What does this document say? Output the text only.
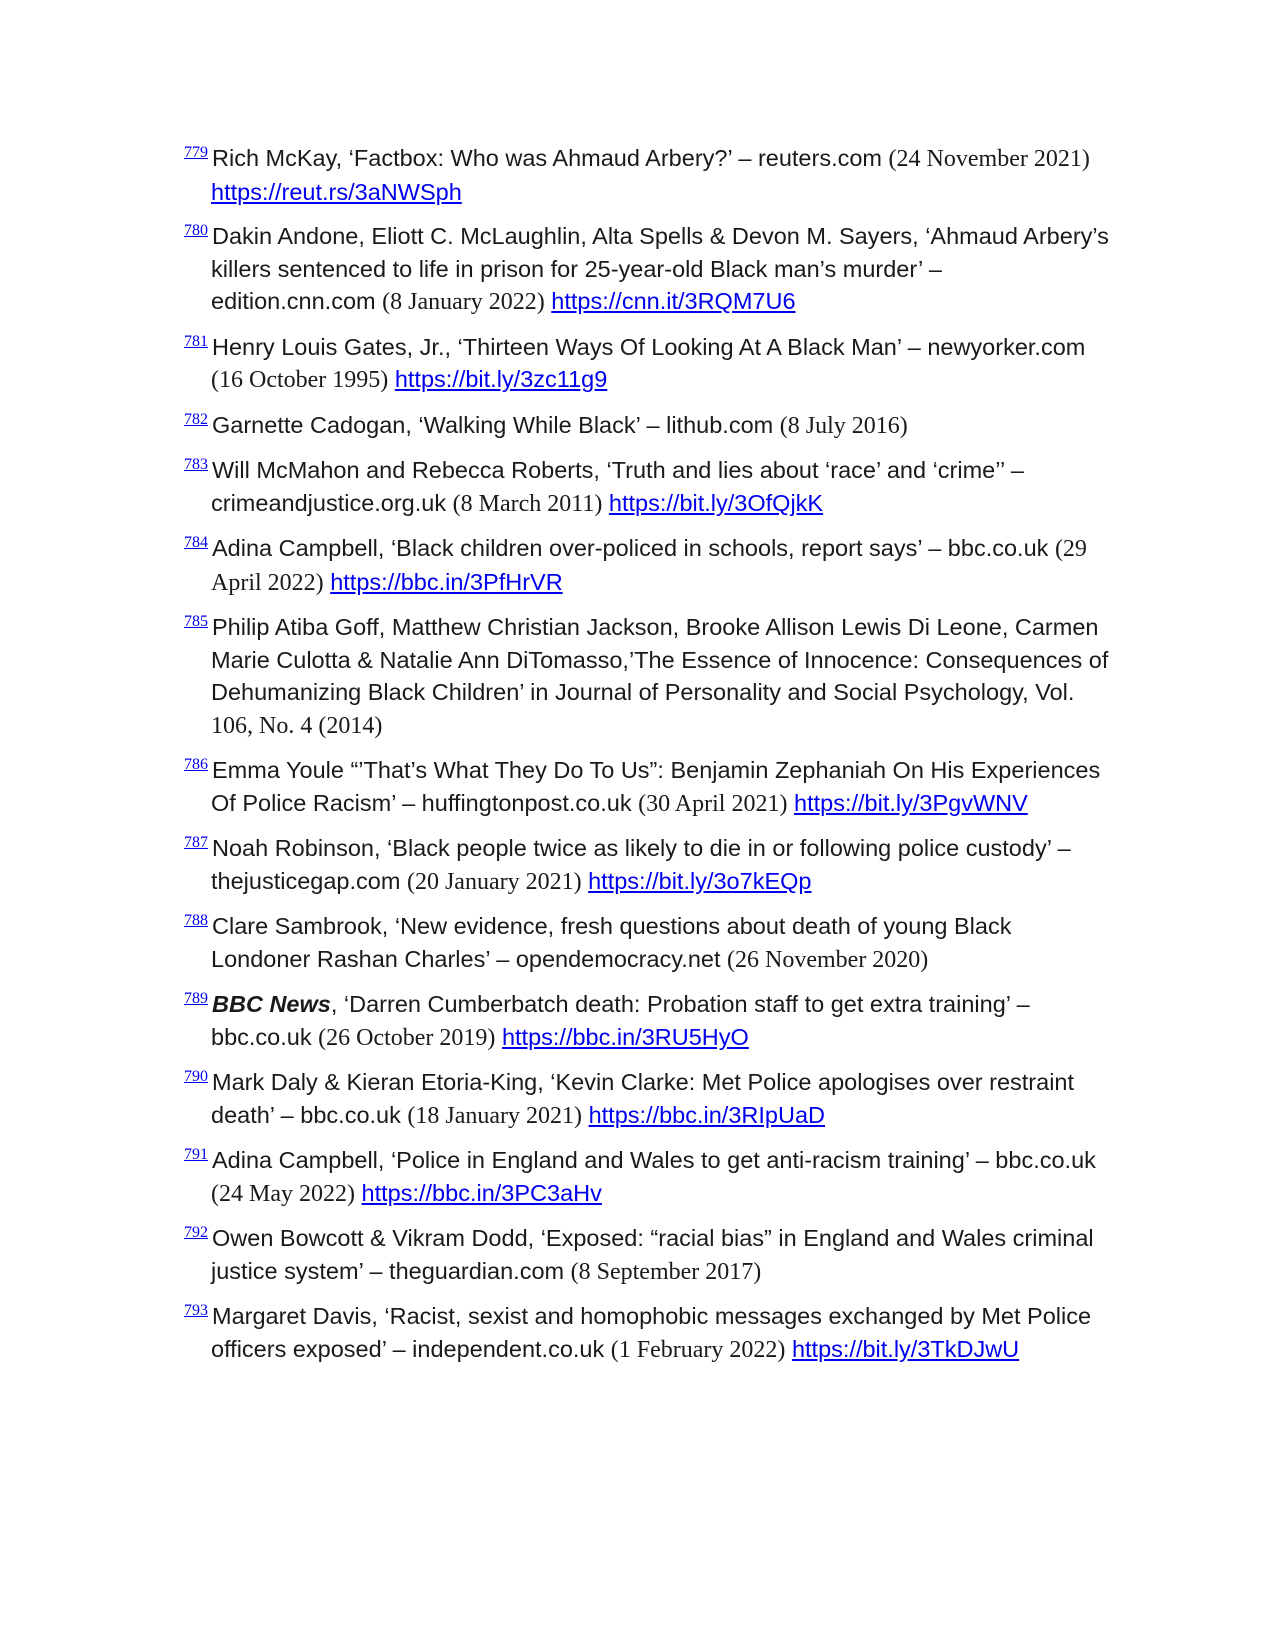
$^{779}$ Rich McKay, ‘Factbox: Who was Ahmaud Arbery?’ – reuters.com (24 November 2021) https://reut.rs/3aNWSph

$^{780}$ Dakin Andone, Eliott C. McLaughlin, Alta Spells & Devon M. Sayers, ‘Ahmaud Arbery’s killers sentenced to life in prison for 25-year-old Black man’s murder’ – edition.cnn.com (8 January 2022) https://cnn.it/3RQM7U6

$^{781}$ Henry Louis Gates, Jr., ‘Thirteen Ways Of Looking At A Black Man’ – newyorker.com (16 October 1995) https://bit.ly/3zc11g9

$^{782}$ Garnette Cadogan, ‘Walking While Black’ – lithub.com (8 July 2016)

$^{783}$ Will McMahon and Rebecca Roberts, ‘Truth and lies about ‘race’ and ‘crime’’ – crimeandjustice.org.uk (8 March 2011) https://bit.ly/3OfQjkK

$^{784}$ Adina Campbell, ‘Black children over-policed in schools, report says’ – bbc.co.uk (29 April 2022) https://bbc.in/3PfHrVR

$^{785}$ Philip Atiba Goff, Matthew Christian Jackson, Brooke Allison Lewis Di Leone, Carmen Marie Culotta & Natalie Ann DiTomasso,’The Essence of Innocence: Consequences of Dehumanizing Black Children’ in Journal of Personality and Social Psychology, Vol. 106, No. 4 (2014)

$^{786}$ Emma Youle “’That’s What They Do To Us”: Benjamin Zephaniah On His Experiences Of Police Racism’ – huffingtonpost.co.uk (30 April 2021) https://bit.ly/3PgvWNV

$^{787}$ Noah Robinson, ‘Black people twice as likely to die in or following police custody’ – thejusticegap.com (20 January 2021) https://bit.ly/3o7kEQp

$^{788}$ Clare Sambrook, ‘New evidence, fresh questions about death of young Black Londoner Rashan Charles’ – opendemocracy.net (26 November 2020)

$^{789}$ BBC News, ‘Darren Cumberbatch death: Probation staff to get extra training’ – bbc.co.uk (26 October 2019) https://bbc.in/3RU5HyO

$^{790}$ Mark Daly & Kieran Etoria-King, ‘Kevin Clarke: Met Police apologises over restraint death’ – bbc.co.uk (18 January 2021) https://bbc.in/3RIpUaD

$^{791}$ Adina Campbell, ‘Police in England and Wales to get anti-racism training’ – bbc.co.uk (24 May 2022) https://bbc.in/3PC3aHv

$^{792}$ Owen Bowcott & Vikram Dodd, ‘Exposed: “racial bias” in England and Wales criminal justice system’ – theguardian.com (8 September 2017)

$^{793}$ Margaret Davis, ‘Racist, sexist and homophobic messages exchanged by Met Police officers exposed’ – independent.co.uk (1 February 2022) https://bit.ly/3TkDJwU
